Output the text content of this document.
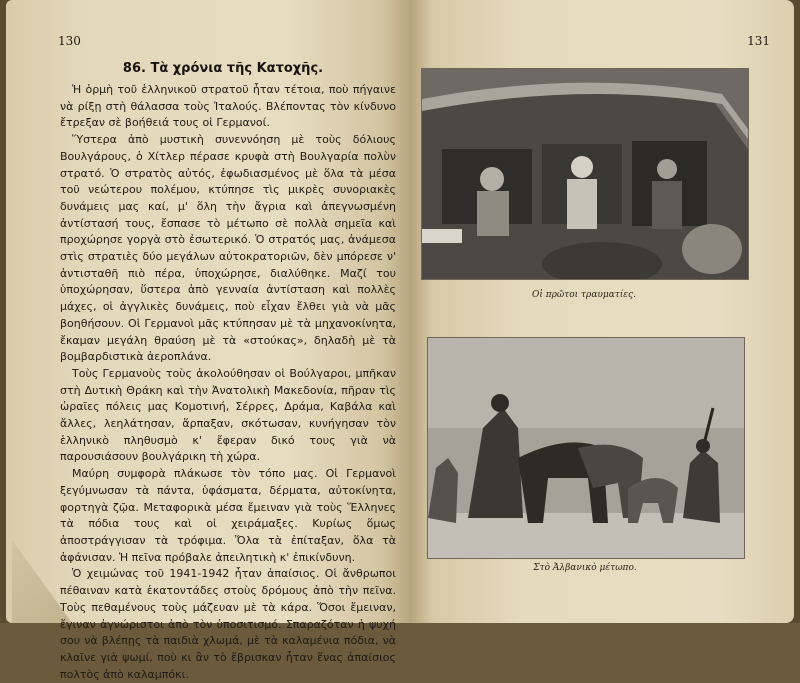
130
86. Τὰ χρόνια τῆς Κατοχῆς.

Ἡ ὁρμὴ τοῦ ἑλληνικοῦ στρατοῦ ἦταν τέτοια, ποὺ πήγαινε νὰ ρίξῃ στὴ θάλασσα τοὺς Ἰταλούς. Βλέποντας τὸν κίνδυνο ἔτρεξαν σὲ βοήθειά τους οἱ Γερμανοί.

Ὕστερα ἀπὸ μυστικὴ συνεννόηση μὲ τοὺς δόλιους Βουλγάρους, ὁ Χίτλερ πέρασε κρυφὰ στὴ Βουλγαρία πολὺν στρατό. Ὁ στρατὸς αὐτός, ἐφωδιασμένος μὲ ὅλα τὰ μέσα τοῦ νεώτερου πολέμου, κτύπησε τὶς μικρὲς συνοριακὲς δυνάμεις μας καί, μ' ὅλη τὴν ἄγρια καὶ ἀπεγνωσμένη ἀντίστασή τους, ἔσπασε τὸ μέτωπο σὲ πολλὰ σημεῖα καὶ προχώρησε γοργὰ στὸ ἐσωτερικό. Ὁ στρατός μας, ἀνάμεσα στὶς στρατιὲς δύο μεγάλων αὐτοκρατοριῶν, δὲν μπόρεσε ν' ἀντισταθῆ πιὸ πέρα, ὑποχώρησε, διαλύθηκε. Μαζί του ὑποχώρησαν, ὕστερα ἀπὸ γενναία ἀντίσταση καὶ πολλὲς μάχες, οἱ ἀγγλικὲς δυνάμεις, ποὺ εἶχαν ἔλθει γιὰ νὰ μᾶς βοηθήσουν. Οἱ Γερμανοὶ μᾶς κτύπησαν μὲ τὰ μηχανοκίνητα, ἔκαμαν μεγάλη θραύση μὲ τὰ «στούκας», δηλαδὴ μὲ τὰ βομβαρδιστικὰ ἀεροπλάνα.

Τοὺς Γερμανοὺς τοὺς ἀκολούθησαν οἱ Βούλγαροι, μπῆκαν στὴ Δυτικὴ Θράκη καὶ τὴν Ἀνατολικὴ Μακεδονία, πῆραν τὶς ὡραῖες πόλεις μας Κομοτινή, Σέρρες, Δράμα, Καβάλα καὶ ἄλλες, λεηλάτησαν, ἅρπαξαν, σκότωσαν, κυνήγησαν τὸν ἑλληνικὸ πληθυσμὸ κ' ἔφεραν δικό τους γιὰ νὰ παρουσιάσουν βουλγάρικη τὴ χώρα.

Μαύρη συμφορὰ πλάκωσε τὸν τόπο μας. Οἱ Γερμανοὶ ξεγύμνωσαν τὰ πάντα, ὑφάσματα, δέρματα, αὐτοκίνητα, φορτηγὰ ζῷα. Μεταφορικὰ μέσα ἔμειναν γιὰ τοὺς Ἕλληνες τὰ πόδια τους καὶ οἱ χειράμαξες. Κυρίως ὅμως ἀποστράγγισαν τὰ τρόφιμα. Ὅλα τὰ ἐπίταξαν, ὅλα τὰ ἀφάνισαν. Ἡ πεῖνα πρόβαλε ἀπειλητικὴ κ' ἐπικίνδυνη.

Ὁ χειμώνας τοῦ 1941-1942 ἦταν ἀπαίσιος. Οἱ ἄνθρωποι πέθαιναν κατὰ ἑκατοντάδες στοὺς δρόμους ἀπὸ τὴν πεῖνα. Τοὺς πεθαμένους τοὺς μάζευαν μὲ τὰ κάρα. Ὅσοι ἔμειναν, ἔγιναν ἀγνώριστοι ἀπὸ τὸν ὑποσιτισμό. Σπαραζόταν ἡ ψυχή σου νὰ βλέπῃς τὰ παιδιὰ χλωμά, μὲ τὰ καλαμένια πόδια, νὰ κλαῖνε γιὰ ψωμί, ποὺ κι ἂν τὸ ἔβρισκαν ἦταν ἕνας ἀπαίσιος πολτὸς ἀπὸ καλαμπόκι.

131
Οἱ πρῶτοι τραυματίες.
Στὸ Ἀλβανικὸ μέτωπο.
